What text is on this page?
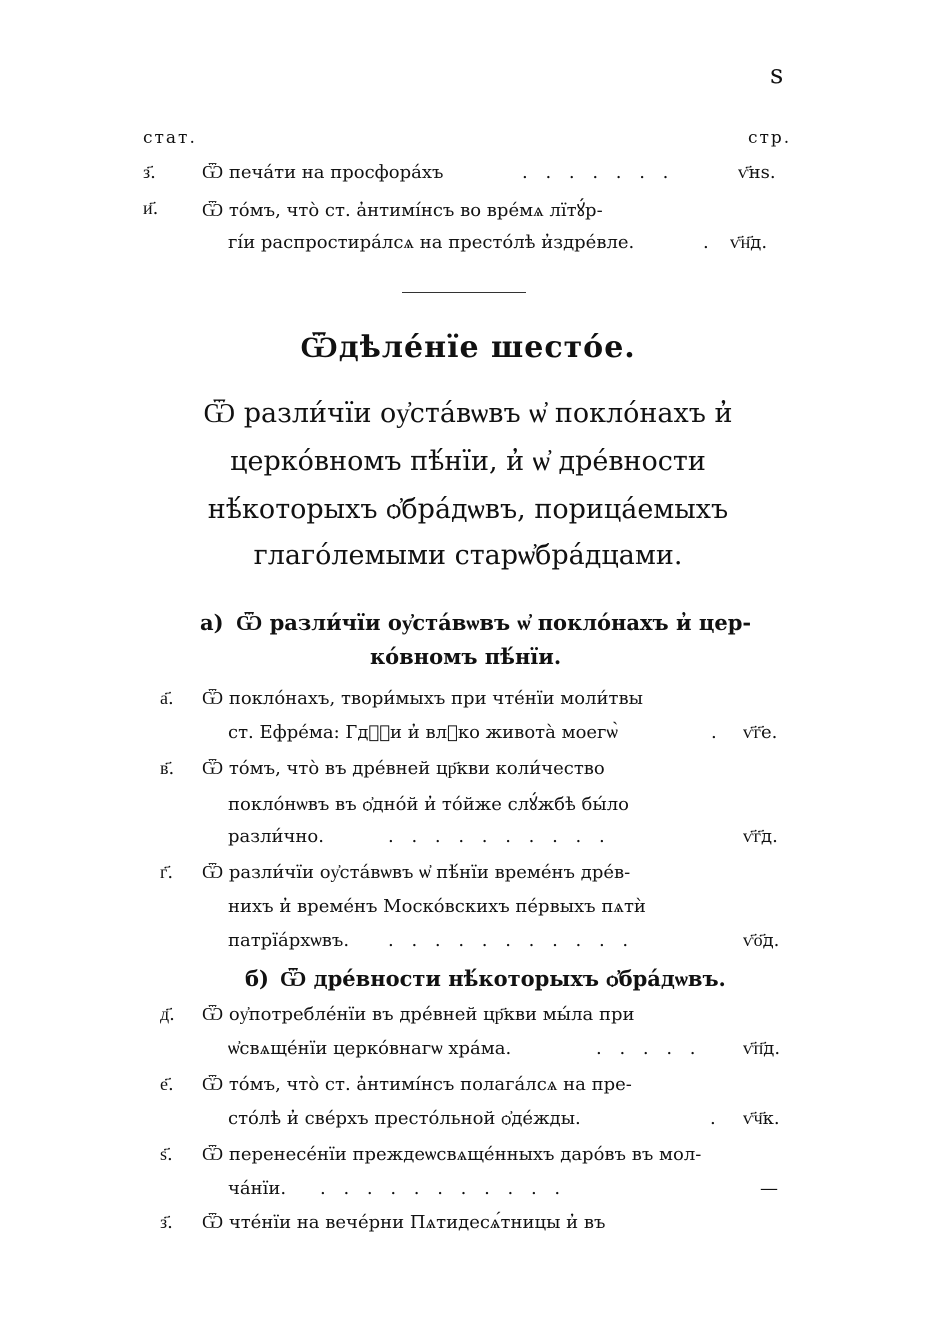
ѕ
стат.	стр.
з҃.	Ѿ печа́ти на просфора́хъ	. . . . . . .	ѵ҃нѕ.
и҃. Ѿ то́мъ, что̀ ст. а̓нтимі́нсъ во вре́мѧ лїтꙋ́р-
гі́и распростира́лсѧ на престо́лѣ и̓здре́вле.	. ѵ҃н҃д.
Ѿдѣле́нїе шесто́е.
Ѿ разли́чїи оу҆ста́вѡвъ ѡ҆ покло́нахъ и̓
церко́вномъ пѣ́нїи, и̓ ѡ҆ дре́вности
нѣ́которыхъ ѻ҆бра́дѡвъ, порица́емыхъ
глаго́лемыми старѡ҆бра́дцами.
а) Ѿ разли́чїи оу҆ста́вѡвъ ѡ҆ покло́нахъ и̓ цер-
ко́вномъ пѣ́нїи.
а҃. Ѿ покло́нахъ, твори́мыхъ при чте́нїи моли́твы
ст. Ефре́ма: Гдⷭ҇и и̓ влⷣко живота̀ моегѡ̀	. ѵ҃г҃е.
в҃. Ѿ то́мъ, что̀ въ дре́вней цр҃кви коли́чество
покло́нѡвъ въ ѻ҆дно́й и̓ то́йже слꙋ́жбѣ бы́ло
разли́чно.	. . . . . . . . . .	ѵ҃г҃д.
г҃. Ѿ разли́чїи оу҆ста́вѡвъ ѡ҆ пѣ́нїи време́нъ дре́в-
нихъ и̓ време́нъ Моско́вскихъ пе́рвыхъ пѧтѝ
патрїа́рхѡвъ. . . . . . . . . . . .	ѵ҃о҃д.
б) Ѿ дре́вности нѣ́которыхъ ѻ҆бра́дѡвъ.
д҃. Ѿ оу҆потребле́нїи въ дре́вней цр҃кви мы́ла при
ѡ҆свѧще́нїи церко́внагѡ хра́ма.	. . . . . ѵ҃п҃д.
е҃. Ѿ то́мъ, что̀ ст. а̓нтимі́нсъ полага́лсѧ на пре-
сто́лѣ и̓ све́рхъ престо́льной ѻ҆де́жды.	. ѵ҃ч҃к.
ѕ҃. Ѿ перенесе́нїи преждеѡсвѧще́нныхъ даро́въ въ мол-
ча́нїи. . . . . . . . . . . .	—
з҃. Ѿ чте́нїи на вече́рни Пѧтидесѧ́тницы и̓ въ
